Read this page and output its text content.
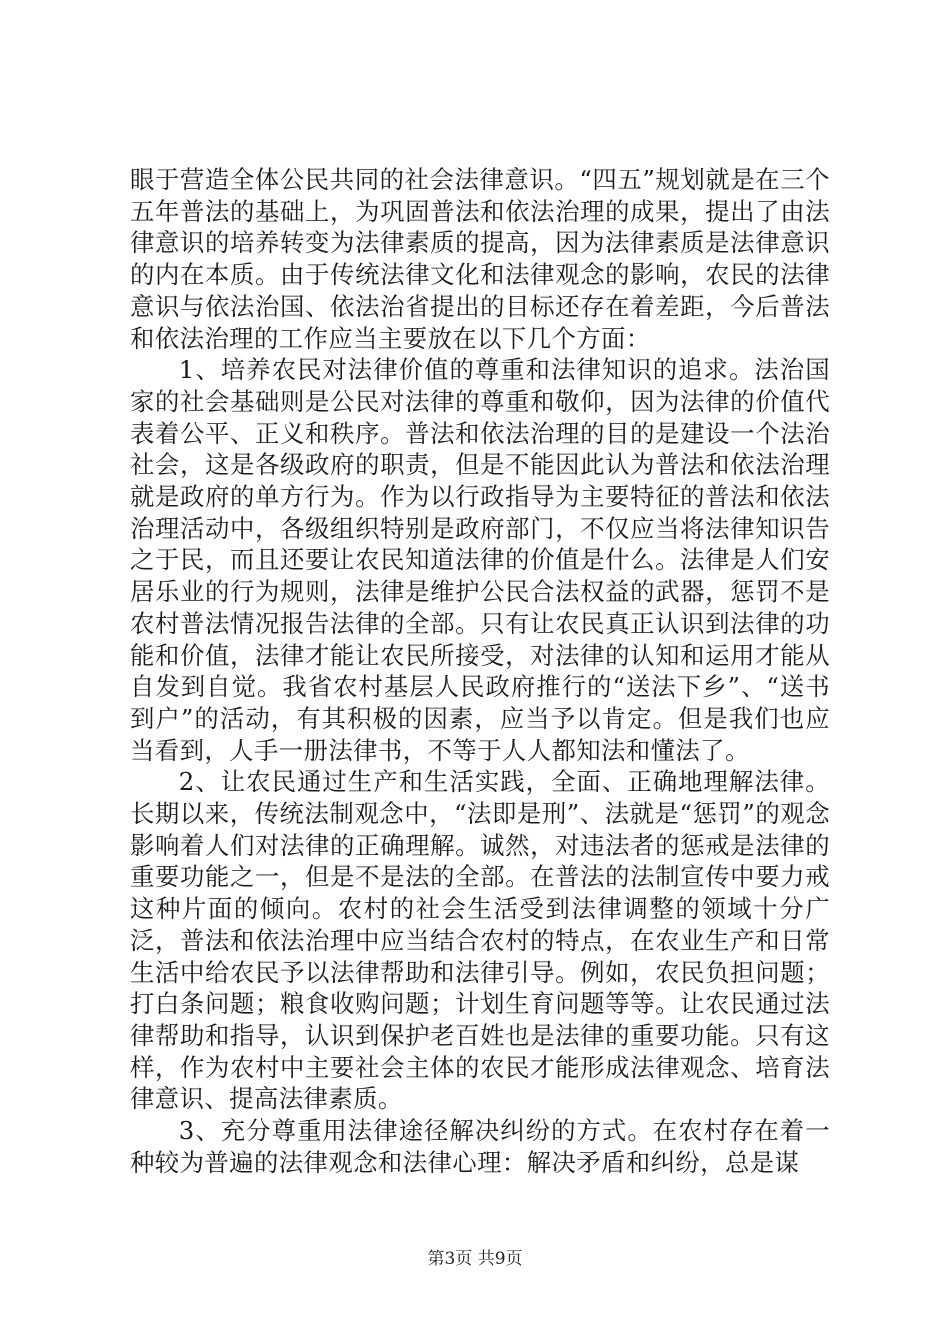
眼于营造全体公民共同的社会法律意识。“四五”规划就是在三个五年普法的基础上，为巩固普法和依法治理的成果，提出了由法律意识的培养转变为法律素质的提高，因为法律素质是法律意识的内在本质。由于传统法律文化和法律观念的影响，农民的法律意识与依法治国、依法治省提出的目标还存在着差距，今后普法和依法治理的工作应当主要放在以下几个方面：

1、培养农民对法律价值的尊重和法律知识的追求。法治国家的社会基础则是公民对法律的尊重和敬仰，因为法律的价值代表着公平、正义和秩序。普法和依法治理的目的是建设一个法治社会，这是各级政府的职责，但是不能因此认为普法和依法治理就是政府的单方行为。作为以行政指导为主要特征的普法和依法治理活动中，各级组织特别是政府部门，不仅应当将法律知识告之于民，而且还要让农民知道法律的价值是什么。法律是人们安居乐业的行为规则，法律是维护公民合法权益的武器，惩罚不是农村普法情况报告法律的全部。只有让农民真正认识到法律的功能和价值，法律才能让农民所接受，对法律的认知和运用才能从自发到自觉。我省农村基层人民政府推行的“送法下乡”、“送书到户”的活动，有其积极的因素，应当予以肯定。但是我们也应当看到，人手一册法律书，不等于人人都知法和懂法了。

2、让农民通过生产和生活实践，全面、正确地理解法律。长期以来，传统法制观念中，“法即是刑”、法就是“惩罚”的观念影响着人们对法律的正确理解。诚然，对违法者的惩戒是法律的重要功能之一，但是不是法的全部。在普法的法制宣传中要力戒这种片面的倾向。农村的社会生活受到法律调整的领域十分广泛，普法和依法治理中应当结合农村的特点，在农业生产和日常生活中给农民予以法律帮助和法律引导。例如，农民负担问题；打白条问题；粮食收购问题；计划生育问题等等。让农民通过法律帮助和指导，认识到保护老百姓也是法律的重要功能。只有这样，作为农村中主要社会主体的农民才能形成法律观念、培育法律意识、提高法律素质。

3、充分尊重用法律途径解决纠纷的方式。在农村存在着一种较为普遍的法律观念和法律心理：解决矛盾和纠纷，总是谋

第3页 共9页
